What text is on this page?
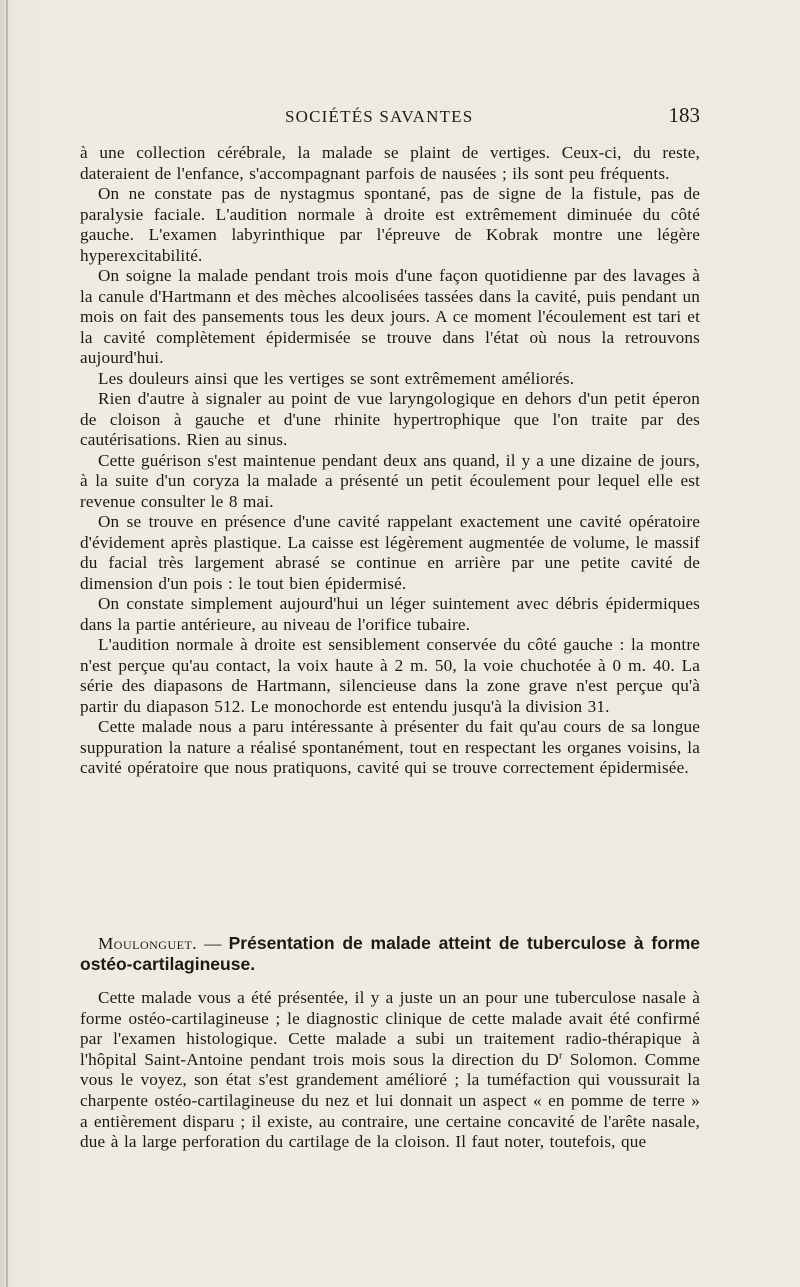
SOCIÉTÉS SAVANTES	183

à une collection cérébrale, la malade se plaint de vertiges. Ceux-ci, du reste, dateraient de l'enfance, s'accompagnant parfois de nausées ; ils sont peu fréquents.

On ne constate pas de nystagmus spontané, pas de signe de la fistule, pas de paralysie faciale. L'audition normale à droite est extrêmement diminuée du côté gauche. L'examen labyrinthique par l'épreuve de Kobrak montre une légère hyperexcitabilité.

On soigne la malade pendant trois mois d'une façon quotidienne par des lavages à la canule d'Hartmann et des mèches alcoolisées tassées dans la cavité, puis pendant un mois on fait des pansements tous les deux jours. A ce moment l'écoulement est tari et la cavité complètement épidermisée se trouve dans l'état où nous la retrouvons aujourd'hui.

Les douleurs ainsi que les vertiges se sont extrêmement améliorés.

Rien d'autre à signaler au point de vue laryngologique en dehors d'un petit éperon de cloison à gauche et d'une rhinite hypertrophique que l'on traite par des cautérisations. Rien au sinus.

Cette guérison s'est maintenue pendant deux ans quand, il y a une dizaine de jours, à la suite d'un coryza la malade a présenté un petit écoulement pour lequel elle est revenue consulter le 8 mai.

On se trouve en présence d'une cavité rappelant exactement une cavité opératoire d'évidement après plastique. La caisse est légèrement augmentée de volume, le massif du facial très largement abrasé se continue en arrière par une petite cavité de dimension d'un pois : le tout bien épidermisé.

On constate simplement aujourd'hui un léger suintement avec débris épidermiques dans la partie antérieure, au niveau de l'orifice tubaire.

L'audition normale à droite est sensiblement conservée du côté gauche : la montre n'est perçue qu'au contact, la voix haute à 2 m. 50, la voie chuchotée à 0 m. 40. La série des diapasons de Hartmann, silencieuse dans la zone grave n'est perçue qu'à partir du diapason 512. Le monochorde est entendu jusqu'à la division 31.

Cette malade nous a paru intéressante à présenter du fait qu'au cours de sa longue suppuration la nature a réalisé spontanément, tout en respectant les organes voisins, la cavité opératoire que nous pratiquons, cavité qui se trouve correctement épidermisée.

Moulonguet. — Présentation de malade atteint de tuberculose à forme ostéo-cartilagineuse.

Cette malade vous a été présentée, il y a juste un an pour une tuberculose nasale à forme ostéo-cartilagineuse ; le diagnostic clinique de cette malade avait été confirmé par l'examen histologique. Cette malade a subi un traitement radio-thérapique à l'hôpital Saint-Antoine pendant trois mois sous la direction du $D^r$ Solomon. Comme vous le voyez, son état s'est grandement amélioré ; la tuméfaction qui voussurait la charpente ostéo-cartilagineuse du nez et lui donnait un aspect « en pomme de terre » a entièrement disparu ; il existe, au contraire, une certaine concavité de l'arête nasale, due à la large perforation du cartilage de la cloison. Il faut noter, toutefois, que
